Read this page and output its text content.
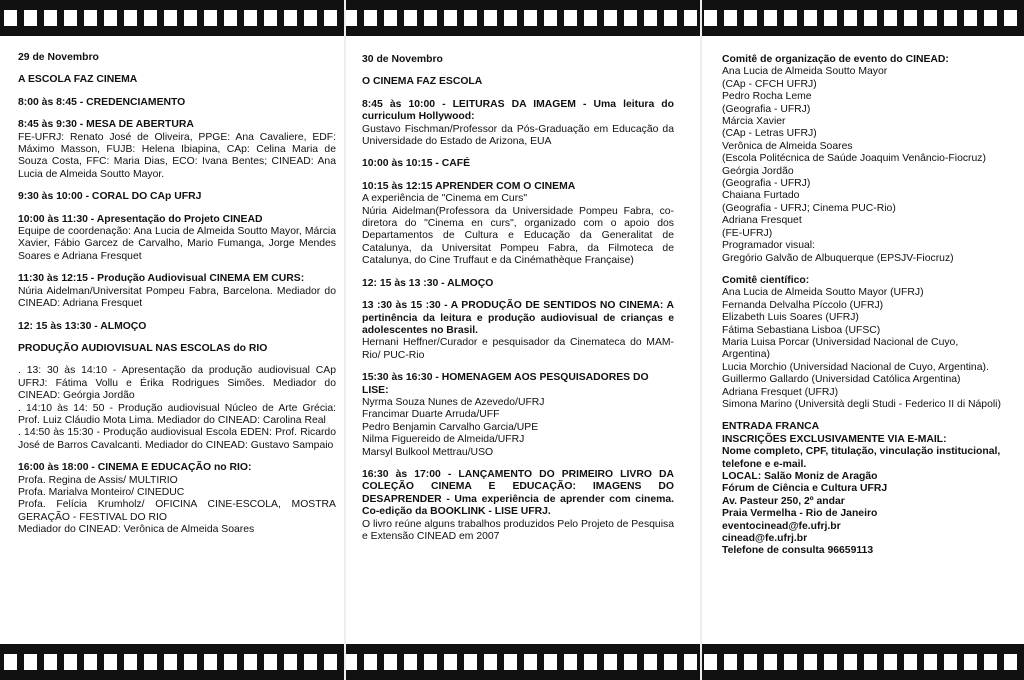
29 de Novembro

A ESCOLA FAZ CINEMA

8:00 às 8:45 - CREDENCIAMENTO

8:45 às 9:30 - MESA DE ABERTURA

FE-UFRJ: Renato José de Oliveira, PPGE: Ana Cavaliere, EDF: Máximo Masson, FUJB: Helena Ibiapina, CAp: Celina Maria de Souza Costa, FFC: Maria Dias, ECO: Ivana Bentes; CINEAD: Ana Lucia de Almeida Soutto Mayor.

9:30 às 10:00 - CORAL DO CAp UFRJ

10:00 às 11:30 - Apresentação do Projeto CINEAD

Equipe de coordenação: Ana Lucia de Almeida Soutto Mayor, Márcia Xavier, Fábio Garcez de Carvalho, Mario Fumanga, Jorge Mendes Soares e Adriana Fresquet

11:30 às 12:15 - Produção Audiovisual CINEMA EM CURS:

Núria Aidelman/Universitat Pompeu Fabra, Barcelona. Mediador do CINEAD: Adriana Fresquet

12: 15 às 13:30 - ALMOÇO

PRODUÇÃO AUDIOVISUAL NAS ESCOLAS do RIO

. 13: 30 às 14:10 - Apresentação da produção audiovisual CAp UFRJ: Fátima Vollu e Érika Rodrigues Simões. Mediador do CINEAD: Geórgia Jordão

. 14:10 às 14: 50 - Produção audiovisual Núcleo de Arte Grécia: Prof. Luiz Cláudio Mota Lima. Mediador do CINEAD: Carolina Real

. 14:50 às 15:30 - Produção audiovisual Escola EDEN: Prof. Ricardo José de Barros Cavalcanti. Mediador do CINEAD: Gustavo Sampaio

16:00 às 18:00 - CINEMA E EDUCAÇÃO no RIO:

Profa. Regina de Assis/ MULTIRIO

Profa. Marialva Monteiro/ CINEDUC

Profa. Felícia Krumholz/ OFICINA CINE-ESCOLA, MOSTRA GERAÇÃO - FESTIVAL DO RIO

Mediador do CINEAD: Verônica de Almeida Soares

30 de Novembro

O CINEMA FAZ ESCOLA

8:45 às 10:00 - LEITURAS DA IMAGEM - Uma leitura do curriculum Hollywood:

Gustavo Fischman/Professor da Pós-Graduação em Educação da Universidade do Estado de Arizona, EUA

10:00 às 10:15 - CAFÉ

10:15 às 12:15 APRENDER COM O CINEMA

A experiência de "Cinema em Curs"

Núria Aidelman(Professora da Universidade Pompeu Fabra, co-diretora do "Cinema en curs", organizado com o apoio dos Departamentos de Cultura e Educação da Generalitat de Catalunya, da Universitat Pompeu Fabra, da Filmoteca de Catalunya, do Cine Truffaut e da Cinémathèque Française)

12: 15 às 13 :30 - ALMOÇO

13 :30 às 15 :30 - A PRODUÇÃO DE SENTIDOS NO CINEMA: A pertinência da leitura e produção audiovisual de crianças e adolescentes no Brasil.

Hernani Heffner/Curador e pesquisador da Cinemateca do MAM-Rio/ PUC-Rio

15:30 às 16:30 - HOMENAGEM AOS PESQUISADORES DO LISE:

Nyrma Souza Nunes de Azevedo/UFRJ

Francimar Duarte Arruda/UFF

Pedro Benjamin Carvalho Garcia/UPE

Nilma Figuereido de Almeida/UFRJ

Marsyl Bulkool Mettrau/USO

16:30 às 17:00 - LANÇAMENTO DO PRIMEIRO LIVRO DA COLEÇÃO CINEMA E EDUCAÇÃO: IMAGENS DO DESAPRENDER - Uma experiência de aprender com cinema. Co-edição da BOOKLINK - LISE UFRJ.

O livro reúne alguns trabalhos produzidos Pelo Projeto de Pesquisa e Extensão CINEAD em 2007

Comitê de organização de evento do CINEAD:

Ana Lucia de Almeida Soutto Mayor

(CAp - CFCH UFRJ)

Pedro Rocha Leme

(Geografia - UFRJ)

Márcia Xavier

(CAp - Letras UFRJ)

Verônica de Almeida Soares

(Escola Politécnica de Saúde Joaquim Venâncio-Fiocruz)

Geórgia Jordão

(Geografia - UFRJ)

Chaiana Furtado

(Geografia - UFRJ; Cinema PUC-Rio)

Adriana Fresquet

(FE-UFRJ)

Programador visual:

Gregório Galvão de Albuquerque (EPSJV-Fiocruz)

Comitê científico:

Ana Lucia de Almeida Soutto Mayor (UFRJ)

Fernanda Delvalha Píccolo (UFRJ)

Elizabeth Luis Soares (UFRJ)

Fátima Sebastiana Lisboa (UFSC)

Maria Luisa Porcar (Universidad Nacional de Cuyo,

Argentina)

Lucia Morchio (Universidad Nacional de Cuyo, Argentina).

Guillermo Gallardo (Universidad Católica Argentina)

Adriana Fresquet (UFRJ)

Simona Marino (Università degli Studi - Federico II di Nápoli)

ENTRADA FRANCA

INSCRIÇÕES EXCLUSIVAMENTE VIA E-MAIL:

Nome completo, CPF, titulação, vinculação institucional,

telefone e e-mail.

LOCAL: Salão Moniz de Aragão

Fórum de Ciência e Cultura UFRJ

Av. Pasteur 250, 2º andar

Praia Vermelha - Rio de Janeiro

eventocinead@fe.ufrj.br

cinead@fe.ufrj.br

Telefone de consulta 96659113
